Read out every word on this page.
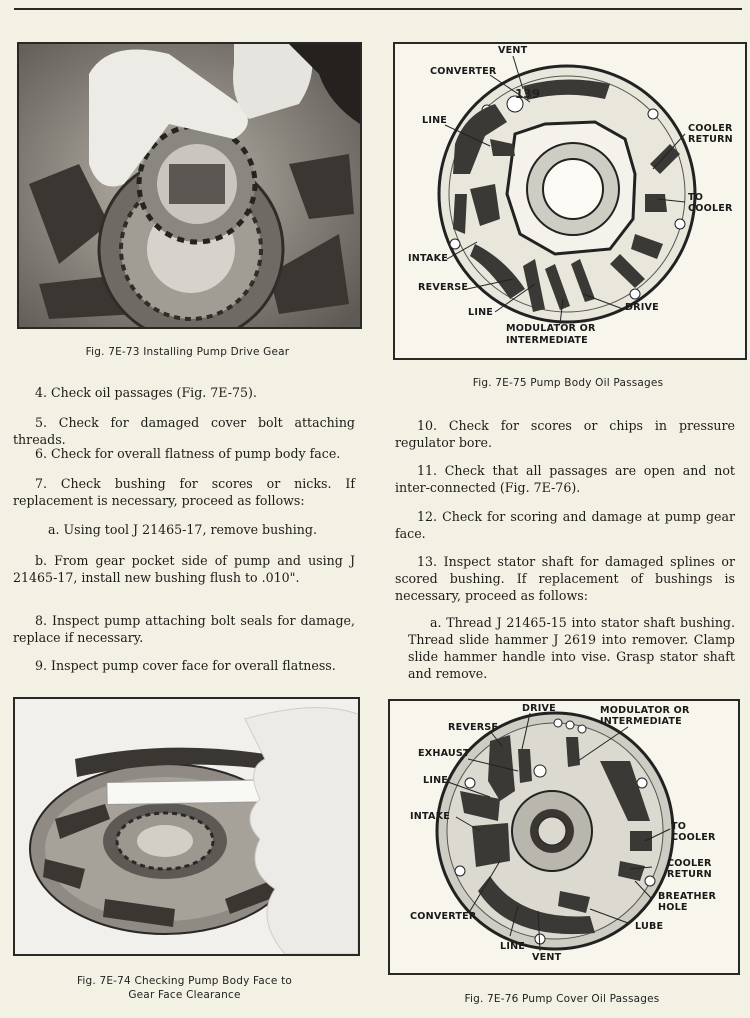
Fig. 7E-73 Installing Pump Drive Gear
139
VENT
CONVERTER
LINE
COOLER
RETURN
TO
COOLER
INTAKE
REVERSE
LINE	DRIVE
MODULATOR OR
INTERMEDIATE
Fig. 7E-75 Pump Body Oil Passages

4. Check oil passages (Fig. 7E-75).

5. Check for damaged cover bolt attaching threads.

6. Check for overall flatness of pump body face.

7. Check bushing for scores or nicks. If replacement is necessary, proceed as follows:

a. Using tool J 21465-17, remove bushing.

b. From gear pocket side of pump and using J 21465-17, install new bushing flush to .010".

8. Inspect pump attaching bolt seals for damage, replace if necessary.

9. Inspect pump cover face for overall flatness.

10. Check for scores or chips in pressure regulator bore.

11. Check that all passages are open and not inter-connected (Fig. 7E-76).

12. Check for scoring and damage at pump gear face.

13. Inspect stator shaft for damaged splines or scored bushing. If replacement of bushings is necessary, proceed as follows:

a. Thread J 21465-15 into stator shaft bushing. Thread slide hammer J 2619 into remover. Clamp slide hammer handle into vise. Grasp stator shaft and remove.

Fig. 7E-74 Checking Pump Body Face to
Gear Face Clearance
DRIVE	MODULATOR OR
INTERMEDIATE
REVERSE
EXHAUST
LINE
INTAKE
TO
COOLER
COOLER
RETURN
BREATHER
HOLE
CONVERTER
LUBE
LINE
VENT
Fig. 7E-76 Pump Cover Oil Passages
